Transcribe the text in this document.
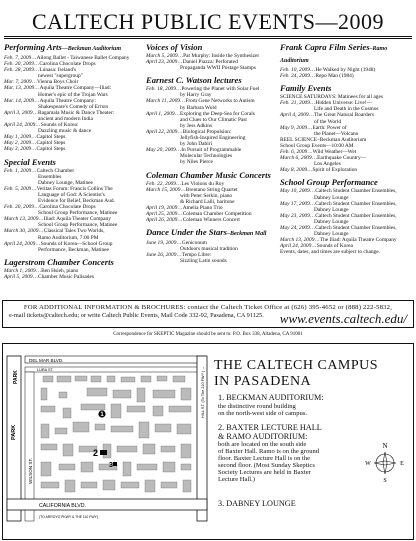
CALTECH PUBLIC EVENTS—2009
Performing Arts—Beckman Auditorium
Feb. 7, 2009…Ailong Ballet - Taiwanese Ballet Company
Feb. 20, 2009…Carolina Chocolate Drops
Feb. 28, 2009…Lúnasa: Ireland's
newest "supergroup"
Mar. 7, 2009…Vienna Boys Choir
Mar. 13, 2009…Aquila Theatre Company—Iliad:
Homer's epic of the Trojan Wars
Mar. 14, 2009…Aquila Theatre Company:
Shakespeare's Comedy of Errors
April 3, 2009…Ragamala Music & Dance Theater:
ancient and modern India
April 24, 2009…Sounds of Korea:
Dazzling music & dance
May 1, 2009…Capitol Steps
May 2, 2009…Capitol Steps
May 3, 2009…Capitol Steps
Special Events
Feb. 1, 2009…Caltech Chamber
Ensembles
Dabney Lounge, Matinee
Feb. 5, 2009…Veritas Forum: Francis Collins The
Language of God: A Scientist's
Evidence for Belief, Beckman Aud.
Feb. 20, 2009…Carolina Chocolate Drops
School Group Performance, Matinee
March 13, 2009…Iliad: Aquila Theater Company
School Group Performance, Matinee
March 30, 2009…Classical Tales Two Worlds,
Ramo Auditorium, 7:00 PM
April 24, 2009…Sounds of Korea—School Group
Performance, Beckman, Matinee
Lagerstrom Chamber Concerts
March 1, 2009…Ben Hsieh, piano
April 5, 2009…Chamber Music Palisades
Voices of Vision
March 5, 2009…Pat Murphy: Inside the Synthesizer
April 23, 2009…Daniel Piazza: Perforated
Propaganda WWII Postage Stamps
Earnest C. Watson lectures
Feb. 18, 2009…Powering the Planet with Solar Fuel
by Harry Gray
March 11, 2009…From Gene Networks to Autism
by Barbara Wold
April 1, 2009…Exploring the Deep-Sea for Corals
and Clues to Our Climatic Past
by Jess Adkins
April 22, 2009…Biological Propulsion:
Jellyfish-Inspired Engineering
by John Dabiri
May 20, 2009…In Pursuit of Programmable
Molecular Technologies
by Niles Pierce
Coleman Chamber Music Concerts
Feb. 22, 2009…Les Violons du Roy
March 15, 2009…Brentano String Quartet
with Peter Serkin, piano
& Richard Lalli, baritone
April 19, 2009…Amelia Piano Trio
April 25, 2009…Coleman Chamber Competition
April 26, 2009…Coleman Winners Concert
Dance Under the Stars–Beckman Mall
June 19, 2009…Geniconum
Outdoors musical tradition
June 26, 2009…Tempo Libre:
Sizzling Latin sounds
Frank Capra Film Series–Ramo Auditorium
Feb. 10, 2009…He Walked by Night (1948)
Feb. 24, 2009…Repo Man (1984)
Family Events
SCIENCE SATURDAYS: Matinees for all ages
Feb. 21, 2009…Hidden Universe: Live!—
Life and Death in the Cosmos
April 4, 2009…The Great Natural Boarders
of the World
May 9, 2009…Earth: Power of
the Planet—Volcano
REEL SCIENCE–Beckman Auditorium
School Group Events—10:00 AM
Feb. 6, 2009…Wild Weather—Wet
March 6, 2009…Earthquake Country—
Los Angeles
May 8, 2009…Spirit of Exploration
School Group Performance
May 10, 2009…Caltech Student Chamber Ensembles,
Dabney Lounge
May 17, 2009…Caltech Student Chamber Ensembles,
Dabney Lounge
May 23, 2009…Caltech Student Chamber Ensembles,
Dabney Lounge
May 24, 2009…Caltech Student Chamber Ensembles,
Dabney Lounge
March 13, 2009…The Iliad: Aquila Theatre Company
April 24, 2009…Sounds of Korea
Events, dates, and times are subject to change.
FOR ADDITIONAL INFORMATION & BROCHURES: contact the Caltech Ticket Office at (626) 395-4652 or (888) 222-5832,
e-mail tickets@caltech.edu; or write Caltech Public Events, Mail Code 332-92, Pasadena, CA 91125.	www.events.caltech.edu/
Correspondence for SKEPTIC Magazine should be sent to: P.O. Box 338, Altadena, CA 91001
1
2
3
DEL MAR BLVD.
LURA ST.
PARK
PARK
WILSON ST.
HILL ST. (To The 210 FWY.) →
CALIFORNIA BLVD.
(TO ARROYO PKWY & THE 110 FWY)
N
E
S
W
THE CALTECH CAMPUS
IN PASADENA
1. BECKMAN AUDITORIUM:
the distinctive round building
on the north-west side of campus.
2. BAXTER LECTURE HALL
& RAMO AUDITORIUM:
both are located on the south side
of Baxter Hall. Ramo is on the ground
floor. Baxter Lecture Hall is on the
second floor. (Most Sunday Skeptics
Society Lectures are held in Baxter
Lecture Hall.)
3. DABNEY LOUNGE
